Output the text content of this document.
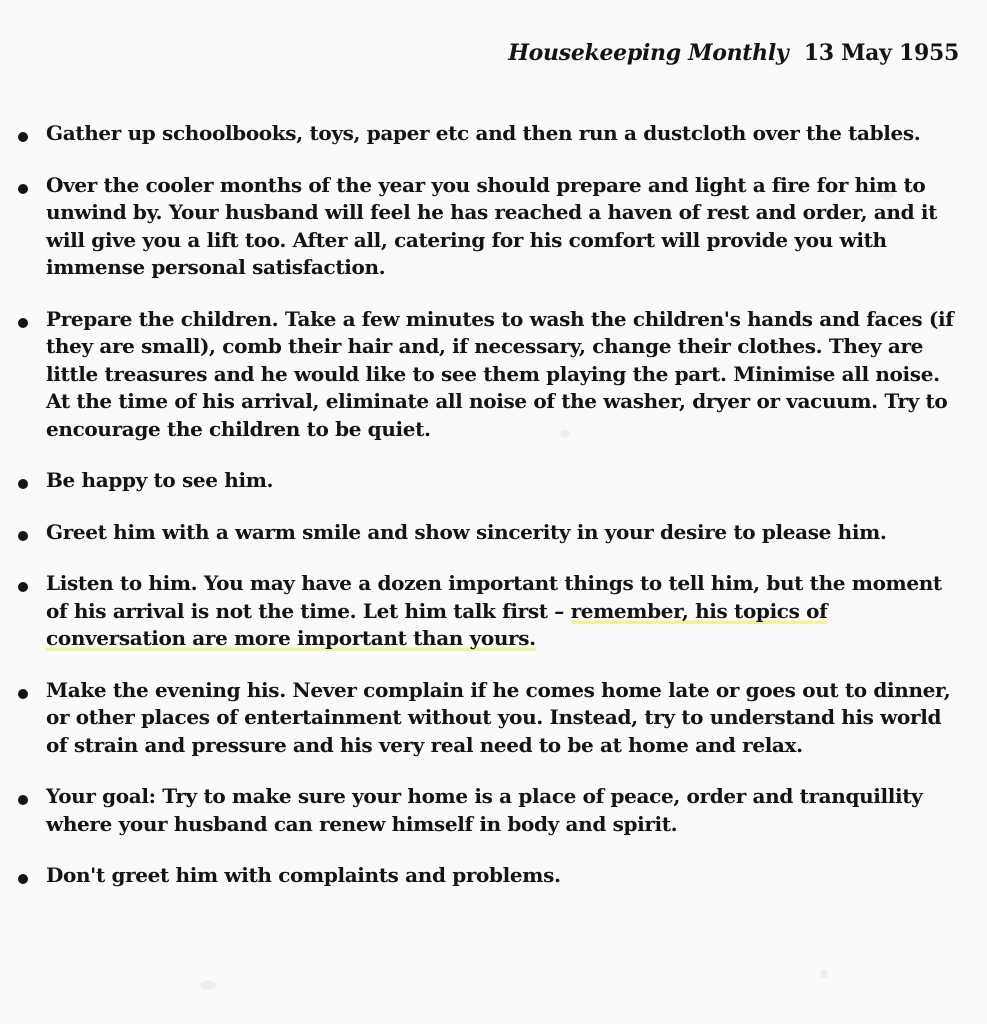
Housekeeping Monthly 13 May 1955
Gather up schoolbooks, toys, paper etc and then run a dustcloth over the tables.
Over the cooler months of the year you should prepare and light a fire for him to unwind by. Your husband will feel he has reached a haven of rest and order, and it will give you a lift too. After all, catering for his comfort will provide you with immense personal satisfaction.
Prepare the children. Take a few minutes to wash the children's hands and faces (if they are small), comb their hair and, if necessary, change their clothes. They are little treasures and he would like to see them playing the part. Minimise all noise. At the time of his arrival, eliminate all noise of the washer, dryer or vacuum. Try to encourage the children to be quiet.
Be happy to see him.
Greet him with a warm smile and show sincerity in your desire to please him.
Listen to him. You may have a dozen important things to tell him, but the moment of his arrival is not the time. Let him talk first – remember, his topics of conversation are more important than yours.
Make the evening his. Never complain if he comes home late or goes out to dinner, or other places of entertainment without you. Instead, try to understand his world of strain and pressure and his very real need to be at home and relax.
Your goal: Try to make sure your home is a place of peace, order and tranquillity where your husband can renew himself in body and spirit.
Don't greet him with complaints and problems.
